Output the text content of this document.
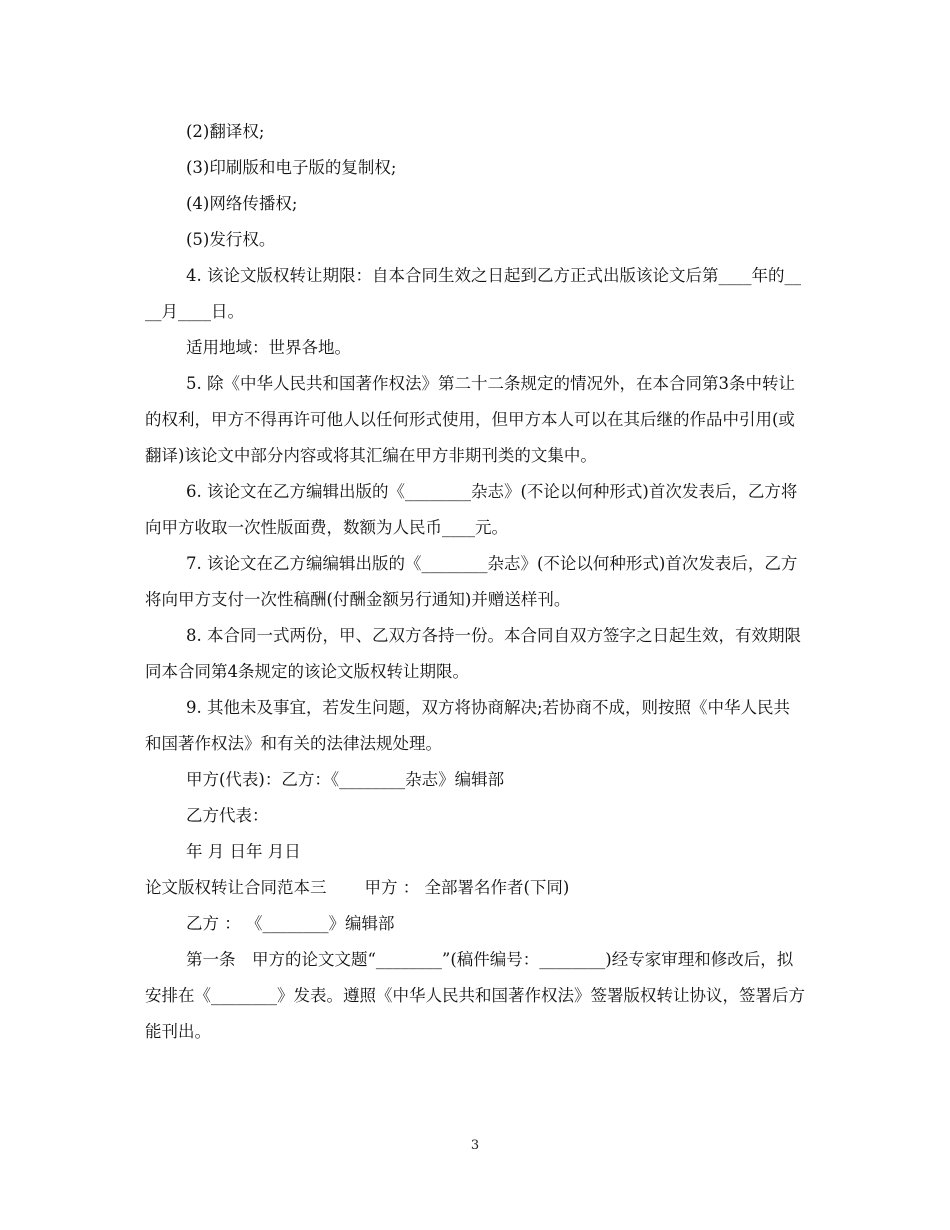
(2)翻译权;

(3)印刷版和电子版的复制权;

(4)网络传播权;

(5)发行权。

4. 该论文版权转让期限：自本合同生效之日起到乙方正式出版该论文后第____年的____月____日。

适用地域：世界各地。

5. 除《中华人民共和国著作权法》第二十二条规定的情况外，在本合同第3条中转让的权利，甲方不得再许可他人以任何形式使用，但甲方本人可以在其后继的作品中引用(或翻译)该论文中部分内容或将其汇编在甲方非期刊类的文集中。

6. 该论文在乙方编辑出版的《________杂志》(不论以何种形式)首次发表后，乙方将向甲方收取一次性版面费，数额为人民币____元。

7. 该论文在乙方编编辑出版的《________杂志》(不论以何种形式)首次发表后，乙方将向甲方支付一次性稿酬(付酬金额另行通知)并赠送样刊。

8. 本合同一式两份，甲、乙双方各持一份。本合同自双方签字之日起生效，有效期限同本合同第4条规定的该论文版权转让期限。

9. 其他未及事宜，若发生问题，双方将协商解决;若协商不成，则按照《中华人民共和国著作权法》和有关的法律法规处理。

甲方(代表)：乙方：《________杂志》编辑部

乙方代表：

年 月 日年 月日

论文版权转让合同范本三 甲方 ： 全部署名作者(下同)

乙方 ： 《________》编辑部

第一条　甲方的论文文题“________”(稿件编号：________)经专家审理和修改后，拟安排在《________》发表。遵照《中华人民共和国著作权法》签署版权转让协议，签署后方能刊出。

3
